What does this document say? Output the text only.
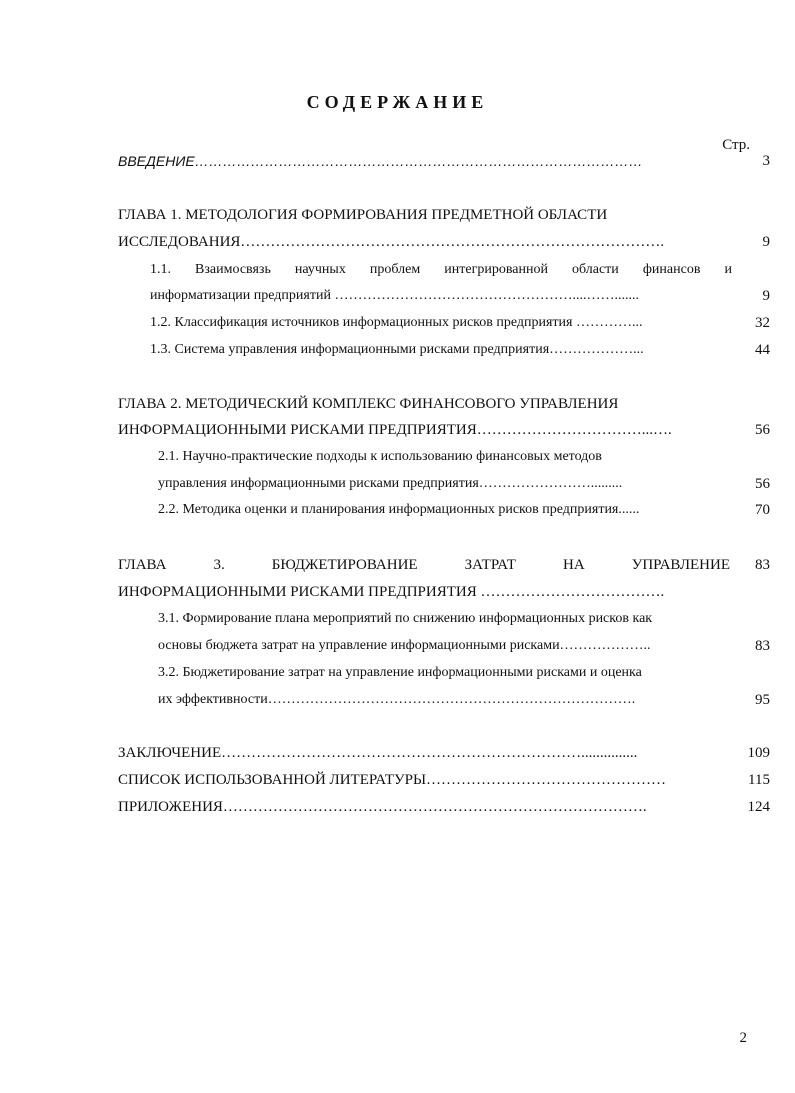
СОДЕРЖАНИЕ
Стр.
ВВЕДЕНИЕ……………………………………………………………………………………	3
ГЛАВА 1. МЕТОДОЛОГИЯ ФОРМИРОВАНИЯ ПРЕДМЕТНОЙ ОБЛАСТИ
ИССЛЕДОВАНИЯ………………………………………………………………………….	9
1.1. Взаимосвязь научных проблем интегрированной области финансов и
информатизации предприятий ……………………………………………....…….......	9
1.2. Классификация источников информационных рисков предприятия …………...	32
1.3. Система управления информационными рисками предприятия………………...	44
ГЛАВА 2. МЕТОДИЧЕСКИЙ КОМПЛЕКС ФИНАНСОВОГО УПРАВЛЕНИЯ
ИНФОРМАЦИОННЫМИ РИСКАМИ ПРЕДПРИЯТИЯ……………………………...….	56
2.1. Научно-практические подходы к использованию финансовых методов
управления информационными рисками предприятия…………………….........	56
2.2. Методика оценки и планирования информационных рисков предприятия......	70
ГЛАВА 3. БЮДЖЕТИРОВАНИЕ ЗАТРАТ НА УПРАВЛЕНИЕ	83
ИНФОРМАЦИОННЫМИ РИСКАМИ ПРЕДПРИЯТИЯ ……………………………….
3.1. Формирование плана мероприятий по снижению информационных рисков как
основы бюджета затрат на управление информационными рисками………………..	83
3.2. Бюджетирование затрат на управление информационными рисками и оценка
их эффективности…………………………………………………………………….	95
ЗАКЛЮЧЕНИЕ………………………………………………………………...............	109
СПИСОК ИСПОЛЬЗОВАННОЙ ЛИТЕРАТУРЫ…………………………………………	115
ПРИЛОЖЕНИЯ………………………………………………………………………….	124
2
